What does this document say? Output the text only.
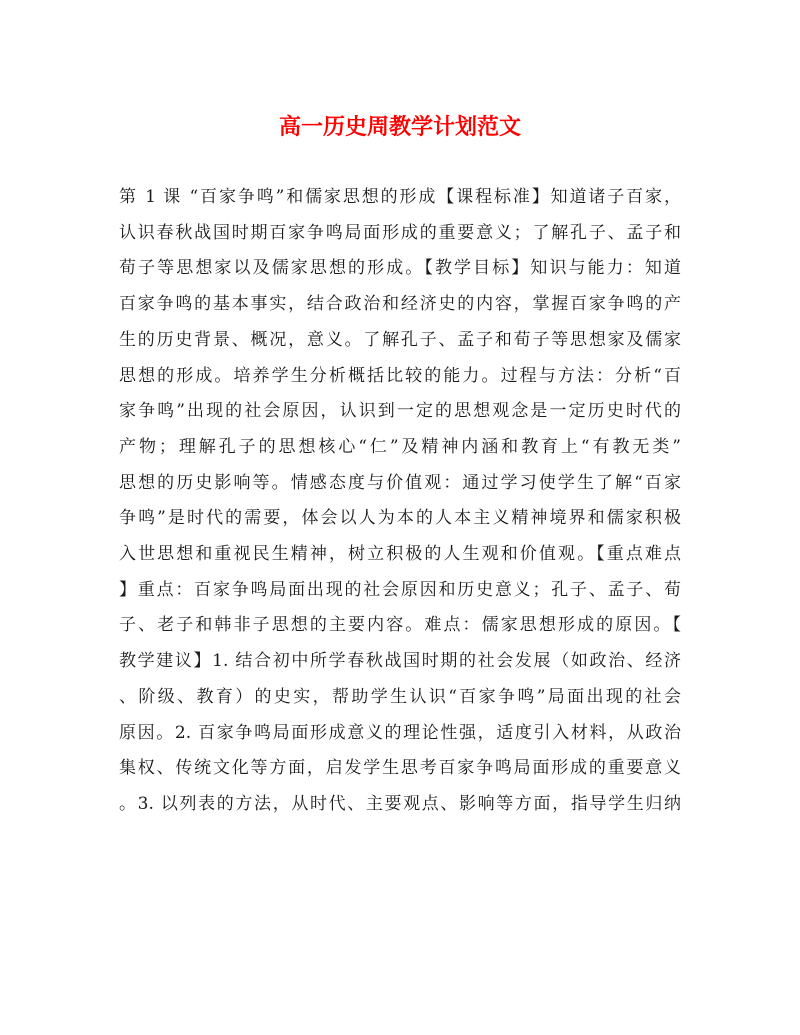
高一历史周教学计划范文
第 1 课 “百家争鸣”和儒家思想的形成【课程标准】知道诸子百家，
认识春秋战国时期百家争鸣局面形成的重要意义；了解孔子、孟子和
荀子等思想家以及儒家思想的形成。【教学目标】知识与能力：知道
百家争鸣的基本事实，结合政治和经济史的内容，掌握百家争鸣的产
生的历史背景、概况，意义。了解孔子、孟子和荀子等思想家及儒家
思想的形成。培养学生分析概括比较的能力。过程与方法：分析“百
家争鸣”出现的社会原因，认识到一定的思想观念是一定历史时代的
产物；理解孔子的思想核心“仁”及精神内涵和教育上“有教无类”
思想的历史影响等。情感态度与价值观：通过学习使学生了解“百家
争鸣”是时代的需要，体会以人为本的人本主义精神境界和儒家积极
入世思想和重视民生精神，树立积极的人生观和价值观。【重点难点
】重点：百家争鸣局面出现的社会原因和历史意义；孔子、孟子、荀
子、老子和韩非子思想的主要内容。难点：儒家思想形成的原因。【
教学建议】1. 结合初中所学春秋战国时期的社会发展（如政治、经济
、阶级、教育）的史实，帮助学生认识“百家争鸣”局面出现的社会
原因。2. 百家争鸣局面形成意义的理论性强，适度引入材料，从政治
集权、传统文化等方面，启发学生思考百家争鸣局面形成的重要意义
。3. 以列表的方法，从时代、主要观点、影响等方面，指导学生归纳
